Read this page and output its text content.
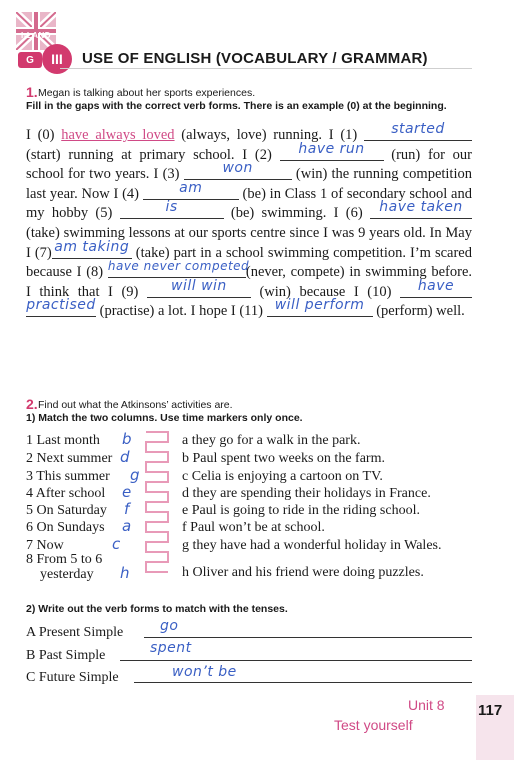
I-LAND
G	III	USE OF ENGLISH (VOCABULARY / GRAMMAR)
1. Megan is talking about her sports experiences.
Fill in the gaps with the correct verb forms. There is an example (0) at the beginning.
I (0) have always loved (always, love) running. I (1) started (start) running at primary school. I (2) have run (run) for our school for two years. I (3)	won	(win) the running competition last year. Now I (4)	am	(be) in Class 1 of secondary school and my hobby (5)	is	(be) swimming. I (6) have taken (take) swimming lessons at our sports centre since I was 9 years old. In May I (7) am taking (take) part in a school swimming competition. I’m scared because I (8) $^{have never competed}$(never, compete) in swimming before. I think that I (9) will win (win) because I (10) have practised (practise) a lot. I hope I (11) will perform (perform) well.
2. Find out what the Atkinsons’ activities are.
1) Match the two columns. Use time markers only once.
1 Last month b
2 Next summer d
3 This summer g
4 After school e
5 On Saturday f
6 On Sundays a
7 Now	c
8 From 5 to 6
yesterday	h
a they go for a walk in the park.
b Paul spent two weeks on the farm.
c Celia is enjoying a cartoon on TV.
d they are spending their holidays in France.
e Paul is going to ride in the riding school.
f Paul won’t be at school.
g they have had a wonderful holiday in Wales.
h Oliver and his friend were doing puzzles.
2) Write out the verb forms to match with the tenses.
A Present Simple	go
B Past Simple	spent
C Future Simple	won’t be
Unit 8
Test yourself
117
